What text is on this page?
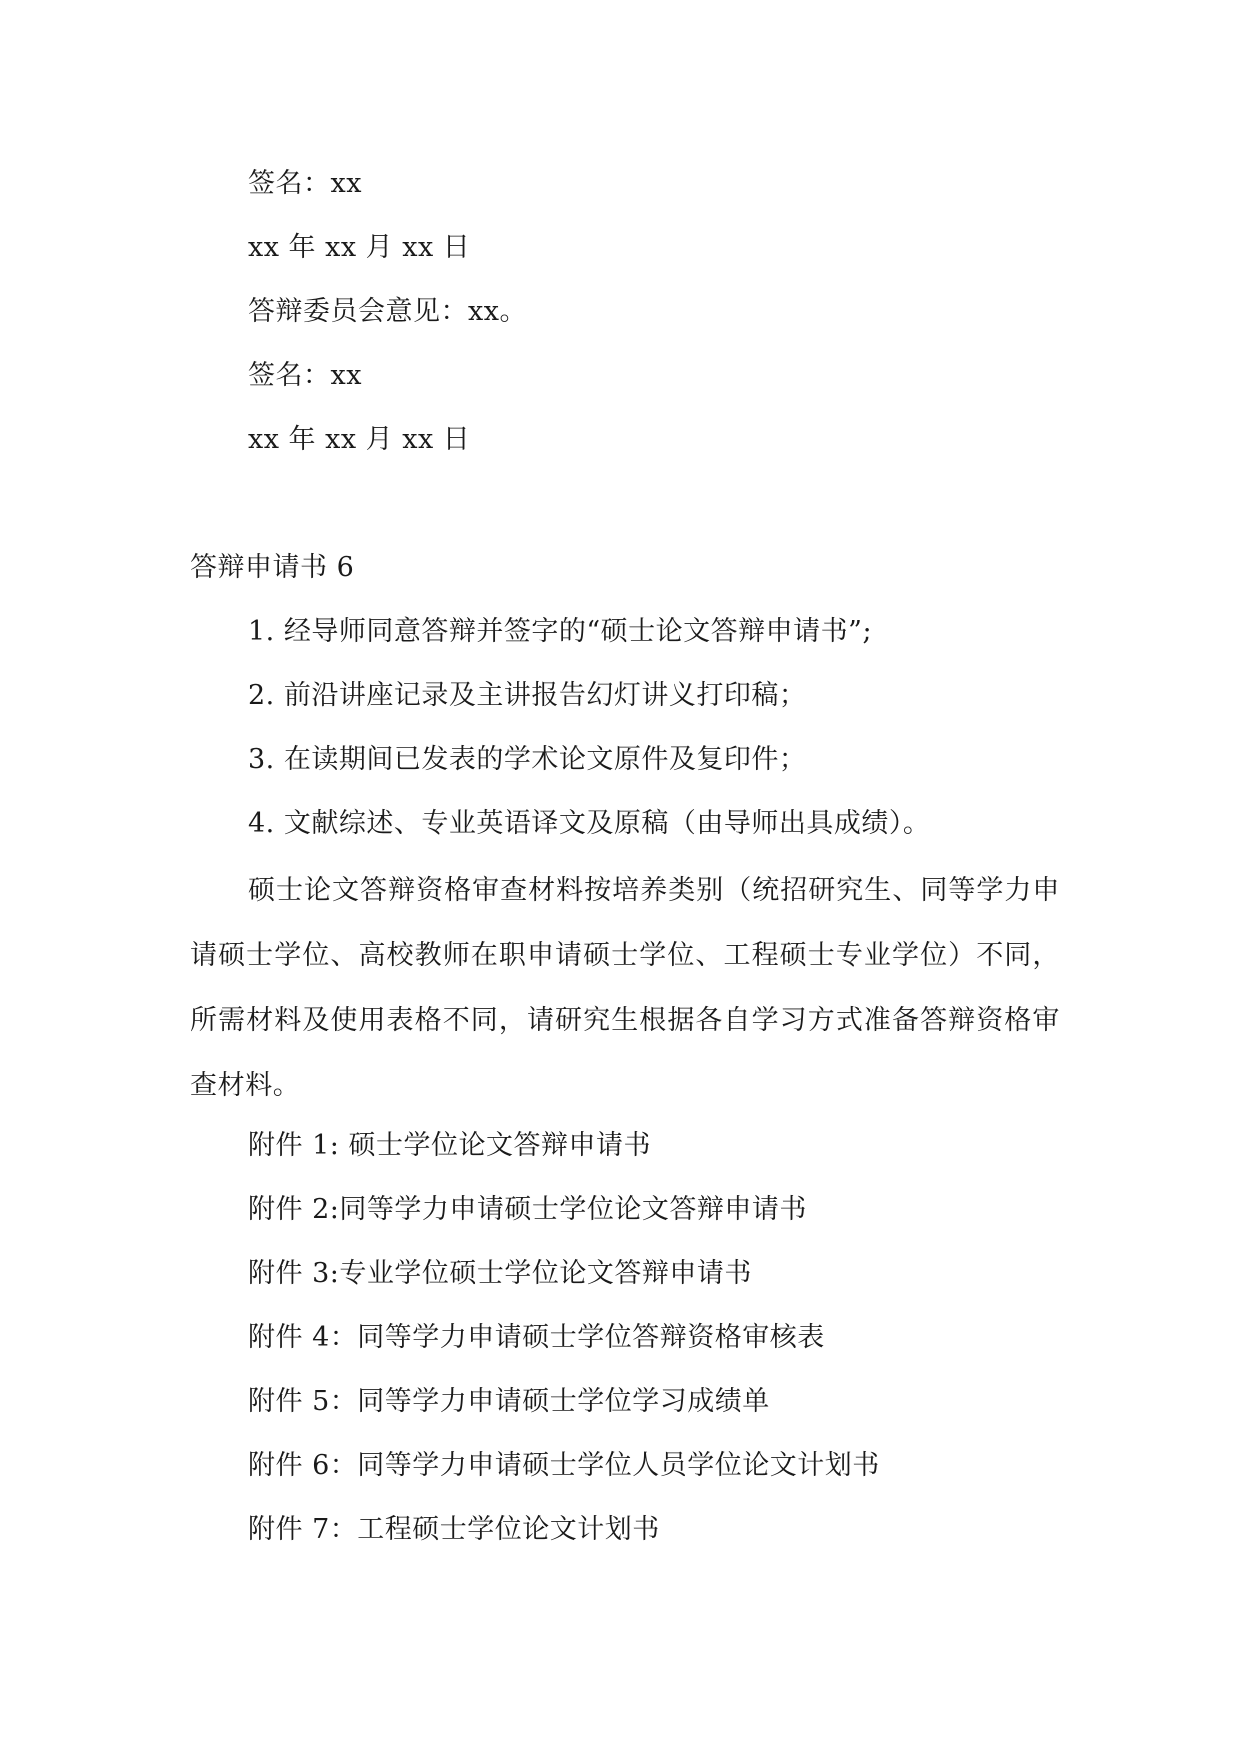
签名：xx
xx 年 xx 月 xx 日
答辩委员会意见：xx。
签名：xx
xx 年 xx 月 xx 日
答辩申请书 6
1. 经导师同意答辩并签字的“硕士论文答辩申请书”;
2. 前沿讲座记录及主讲报告幻灯讲义打印稿；
3. 在读期间已发表的学术论文原件及复印件；
4. 文献综述、专业英语译文及原稿（由导师出具成绩）。
硕士论文答辩资格审查材料按培养类别（统招研究生、同等学力申请硕士学位、高校教师在职申请硕士学位、工程硕士专业学位）不同，所需材料及使用表格不同，请研究生根据各自学习方式准备答辩资格审查材料。
附件 1: 硕士学位论文答辩申请书
附件 2:同等学力申请硕士学位论文答辩申请书
附件 3:专业学位硕士学位论文答辩申请书
附件 4：同等学力申请硕士学位答辩资格审核表
附件 5：同等学力申请硕士学位学习成绩单
附件 6：同等学力申请硕士学位人员学位论文计划书
附件 7：工程硕士学位论文计划书
